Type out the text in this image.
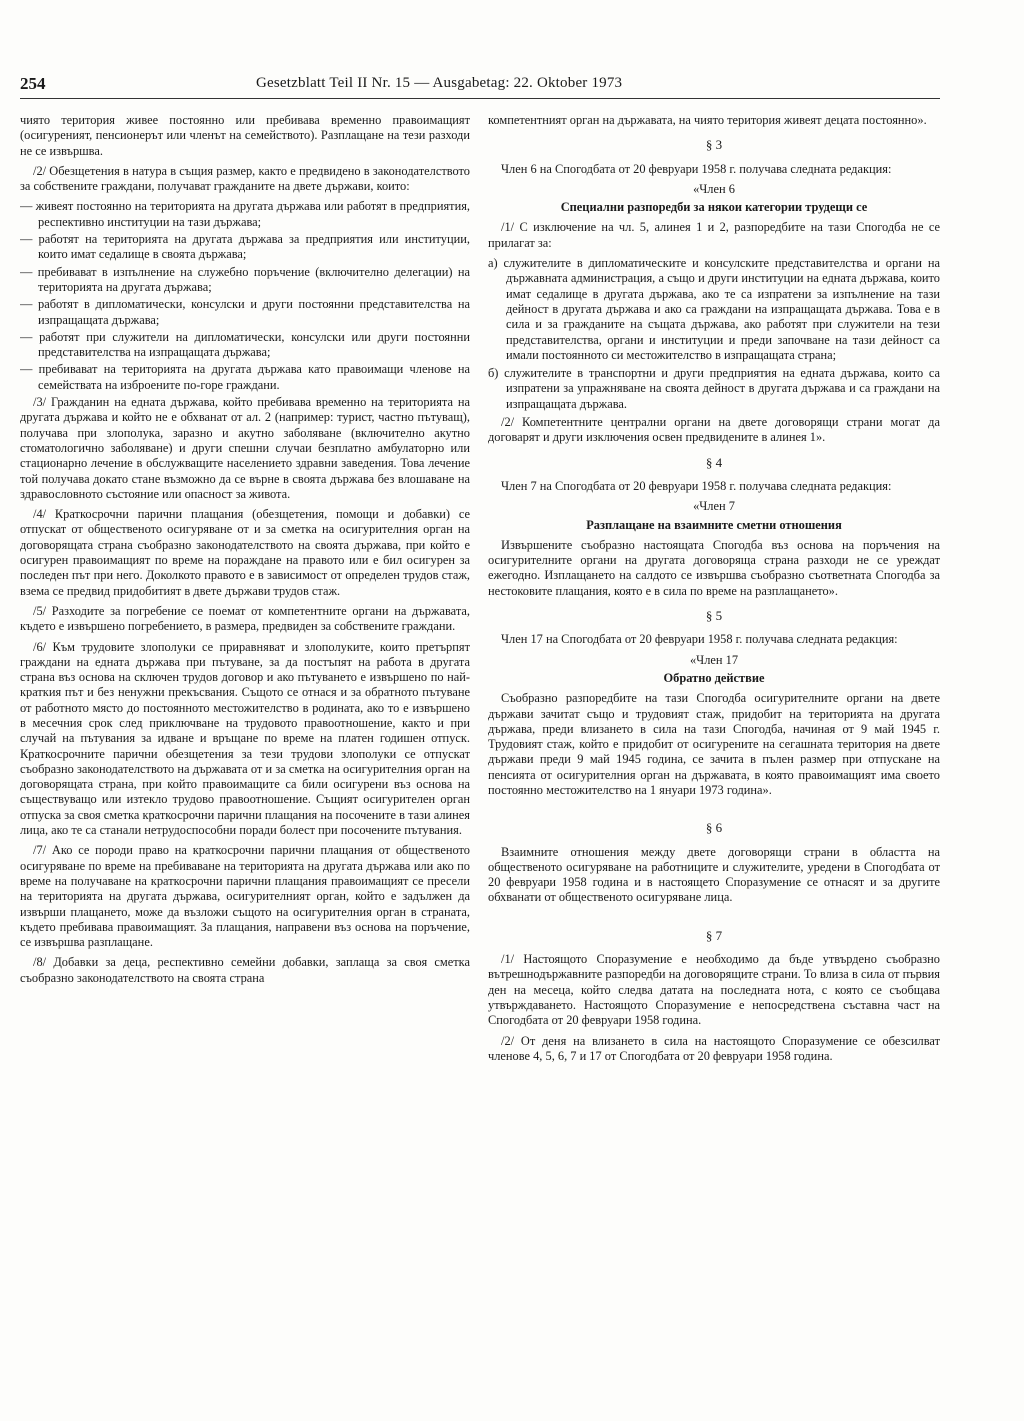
254	Gesetzblatt Teil II Nr. 15 — Ausgabetag: 22. Oktober 1973

чиято територия живее постоянно или пребивава временно правоимащият (осигуреният, пенсионерът или членът на семейството). Разплащане на тези разходи не се извършва.

/2/ Обезщетения в натура в същия размер, както е предвидено в законодателството за собствените граждани, получават гражданите на двете държави, които:

— живеят постоянно на територията на другата държава или работят в предприятия, респективно институции на тази държава;

— работят на територията на другата държава за предприятия или институции, които имат седалище в своята държава;

— пребивават в изпълнение на служебно поръчение (включително делегации) на територията на другата държава;

— работят в дипломатически, консулски и други постоянни представителства на изпращащата държава;

— работят при служители на дипломатически, консулски или други постоянни представителства на изпращащата държава;

— пребивават на територията на другата държава като правоимащи членове на семействата на изброените по-горе граждани.

/3/ Гражданин на едната държава, който пребивава временно на територията на другата държава и който не е обхванат от ал. 2 (например: турист, частно пътуващ), получава при злополука, заразно и акутно заболяване (включително акутно стоматологично заболяване) и други спешни случаи безплатно амбулаторно или стационарно лечение в обслужващите населението здравни заведения. Това лечение той получава докато стане възможно да се върне в своята държава без влошаване на здравословното състояние или опасност за живота.

/4/ Краткосрочни парични плащания (обезщетения, помощи и добавки) се отпускат от общественото осигуряване от и за сметка на осигурителния орган на договорящата страна съобразно законодателството на своята държава, при който е осигурен правоимащият по време на пораждане на правото или е бил осигурен за последен път при него. Доколкото правото е в зависимост от определен трудов стаж, взема се предвид придобитият в двете държави трудов стаж.

/5/ Разходите за погребение се поемат от компетентните органи на държавата, където е извършено погребението, в размера, предвиден за собствените граждани.

/6/ Към трудовите злополуки се приравняват и злополуките, които претърпят граждани на едната държава при пътуване, за да постъпят на работа в другата страна въз основа на сключен трудов договор и ако пътуването е извършено по най-краткия път и без ненужни прекъсвания. Същото се отнася и за обратното пътуване от работното място до постоянното местожителство в родината, ако то е извършено в месечния срок след приключване на трудовото правоотношение, както и при случай на пътувания за идване и връщане по време на платен годишен отпуск. Краткосрочните парични обезщетения за тези трудови злополуки се отпускат съобразно законодателството на държавата от и за сметка на осигурителния орган на договорящата страна, при който правоимащите са били осигурени въз основа на съществуващо или изтекло трудово правоотношение. Същият осигурителен орган отпуска за своя сметка краткосрочни парични плащания на посочените в тази алинея лица, ако те са станали нетрудоспособни поради болест при посочените пътувания.

/7/ Ако се породи право на краткосрочни парични плащания от общественото осигуряване по време на пребиваване на територията на другата държава или ако по време на получаване на краткосрочни парични плащания правоимащият се пресели на територията на другата държава, осигурителният орган, който е задължен да извърши плащането, може да възложи същото на осигурителния орган в страната, където пребивава правоимащият. За плащания, направени въз основа на поръчение, се извършва разплащане.

/8/ Добавки за деца, респективно семейни добавки, заплаща за своя сметка съобразно законодателството на своята страна

компетентният орган на държавата, на чиято територия живеят децата постоянно».

§ 3

Член 6 на Спогодбата от 20 февруари 1958 г. получава следната редакция:

«Член 6
Специални разпоредби за някои категории трудещи се

/1/ С изключение на чл. 5, алинея 1 и 2, разпоредбите на тази Спогодба не се прилагат за:

а) служителите в дипломатическите и консулските представителства и органи на държавната администрация, а също и други институции на едната държава, които имат седалище в другата държава, ако те са изпратени за изпълнение на тази дейност в другата държава и ако са граждани на изпращащата държава. Това е в сила и за гражданите на същата държава, ако работят при служители на тези представителства, органи и институции и преди започване на тази дейност са имали постоянното си местожителство в изпращащата страна;

б) служителите в транспортни и други предприятия на едната държава, които са изпратени за упражняване на своята дейност в другата държава и са граждани на изпращащата държава.

/2/ Компетентните централни органи на двете договорящи страни могат да договарят и други изключения освен предвидените в алинея 1».

§ 4

Член 7 на Спогодбата от 20 февруари 1958 г. получава следната редакция:

«Член 7
Разплащане на взаимните сметни отношения

Извършените съобразно настоящата Спогодба въз основа на поръчения на осигурителните органи на другата договоряща страна разходи не се уреждат ежегодно. Изплащането на салдото се извършва съобразно съответната Спогодба за нестоковите плащания, която е в сила по време на разплащането».

§ 5

Член 17 на Спогодбата от 20 февруари 1958 г. получава следната редакция:

«Член 17
Обратно действие

Съобразно разпоредбите на тази Спогодба осигурителните органи на двете държави зачитат също и трудовият стаж, придобит на територията на другата държава, преди влизането в сила на тази Спогодба, начиная от 9 май 1945 г. Трудовият стаж, който е придобит от осигурените на сегашната територия на двете държави преди 9 май 1945 година, се зачита в пълен размер при отпускане на пенсията от осигурителния орган на държавата, в която правоимащият има своето постоянно местожителство на 1 януари 1973 година».

§ 6

Взаимните отношения между двете договорящи страни в областта на общественото осигуряване на работниците и служителите, уредени в Спогодбата от 20 февруари 1958 година и в настоящето Споразумение се отнасят и за другите обхванати от общественото осигуряване лица.

§ 7

/1/ Настоящото Споразумение е необходимо да бъде утвърдено съобразно вътрешнодържавните разпоредби на договорящите страни. То влиза в сила от първия ден на месеца, който следва датата на последната нота, с която се съобщава утвърждаването. Настоящото Споразумение е непосредствена съставна част на Спогодбата от 20 февруари 1958 година.

/2/ От деня на влизането в сила на настоящото Споразумение се обезсилват членове 4, 5, 6, 7 и 17 от Спогодбата от 20 февруари 1958 година.
